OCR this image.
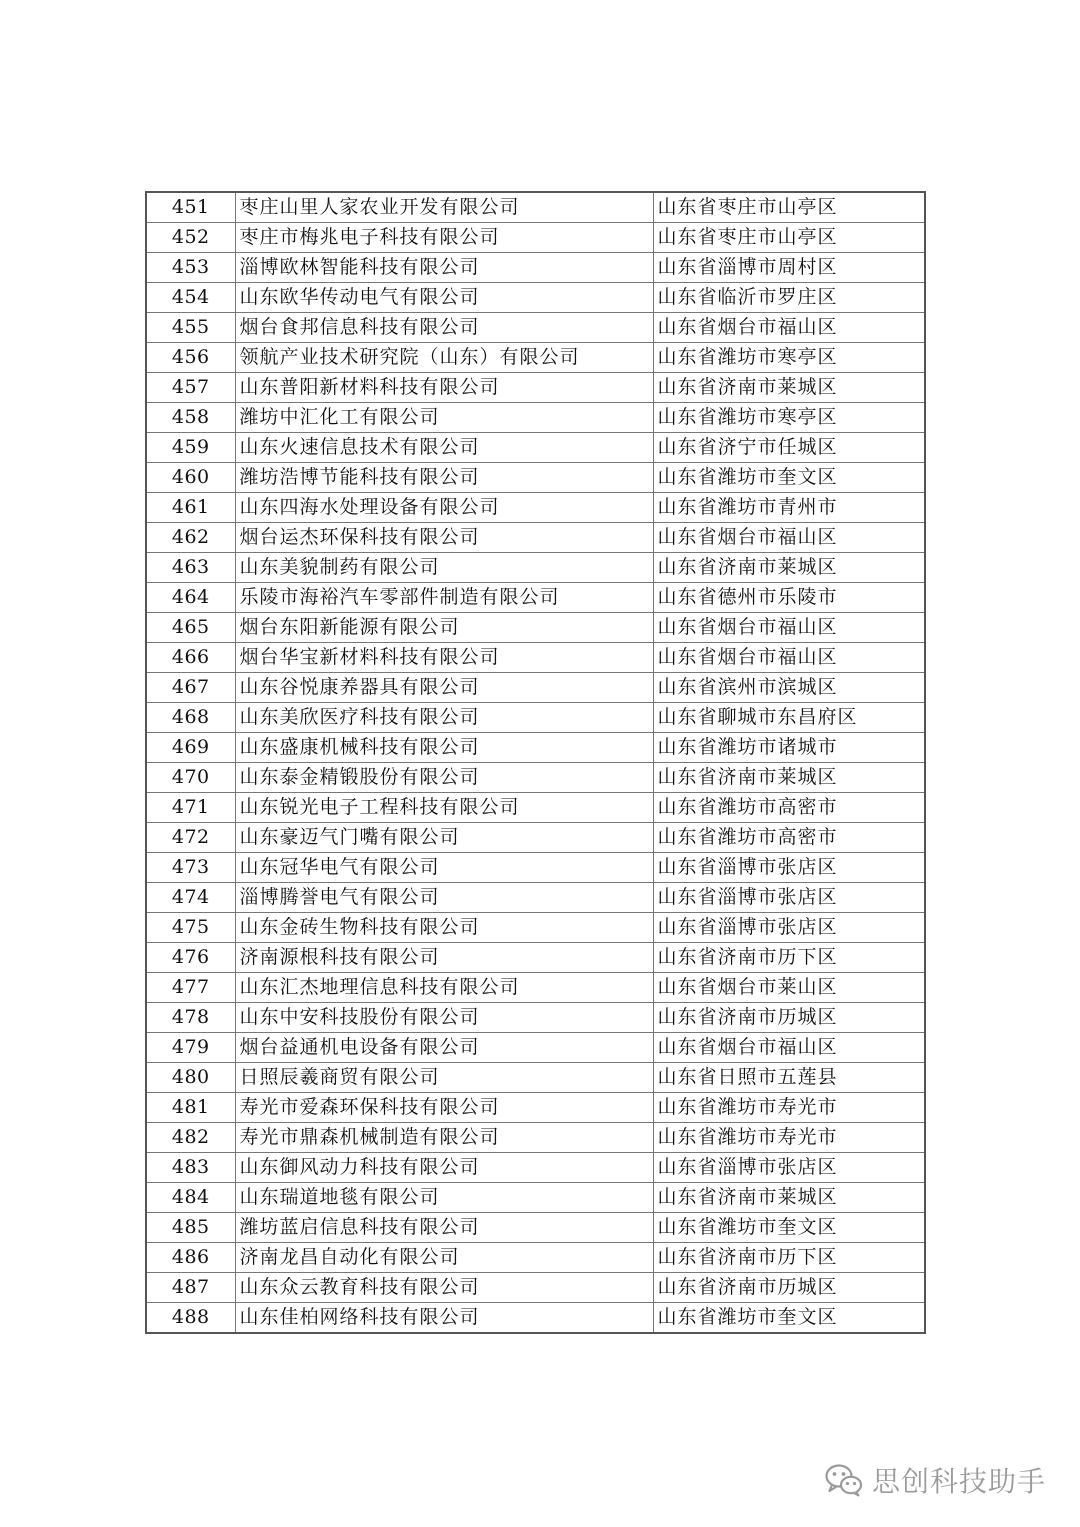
451	枣庄山里人家农业开发有限公司	山东省枣庄市山亭区
452	枣庄市梅兆电子科技有限公司	山东省枣庄市山亭区
453	淄博欧林智能科技有限公司	山东省淄博市周村区
454	山东欧华传动电气有限公司	山东省临沂市罗庄区
455	烟台食邦信息科技有限公司	山东省烟台市福山区
456	领航产业技术研究院（山东）有限公司	山东省潍坊市寒亭区
457	山东普阳新材料科技有限公司	山东省济南市莱城区
458	潍坊中汇化工有限公司	山东省潍坊市寒亭区
459	山东火速信息技术有限公司	山东省济宁市任城区
460	潍坊浩博节能科技有限公司	山东省潍坊市奎文区
461	山东四海水处理设备有限公司	山东省潍坊市青州市
462	烟台运杰环保科技有限公司	山东省烟台市福山区
463	山东美貌制药有限公司	山东省济南市莱城区
464	乐陵市海裕汽车零部件制造有限公司	山东省德州市乐陵市
465	烟台东阳新能源有限公司	山东省烟台市福山区
466	烟台华宝新材料科技有限公司	山东省烟台市福山区
467	山东谷悦康养器具有限公司	山东省滨州市滨城区
468	山东美欣医疗科技有限公司	山东省聊城市东昌府区
469	山东盛康机械科技有限公司	山东省潍坊市诸城市
470	山东泰金精锻股份有限公司	山东省济南市莱城区
471	山东锐光电子工程科技有限公司	山东省潍坊市高密市
472	山东豪迈气门嘴有限公司	山东省潍坊市高密市
473	山东冠华电气有限公司	山东省淄博市张店区
474	淄博腾誉电气有限公司	山东省淄博市张店区
475	山东金砖生物科技有限公司	山东省淄博市张店区
476	济南源根科技有限公司	山东省济南市历下区
477	山东汇杰地理信息科技有限公司	山东省烟台市莱山区
478	山东中安科技股份有限公司	山东省济南市历城区
479	烟台益通机电设备有限公司	山东省烟台市福山区
480	日照辰羲商贸有限公司	山东省日照市五莲县
481	寿光市爱森环保科技有限公司	山东省潍坊市寿光市
482	寿光市鼎森机械制造有限公司	山东省潍坊市寿光市
483	山东御风动力科技有限公司	山东省淄博市张店区
484	山东瑞道地毯有限公司	山东省济南市莱城区
485	潍坊蓝启信息科技有限公司	山东省潍坊市奎文区
486	济南龙昌自动化有限公司	山东省济南市历下区
487	山东众云教育科技有限公司	山东省济南市历城区
488	山东佳柏网络科技有限公司	山东省潍坊市奎文区
思创科技助手
